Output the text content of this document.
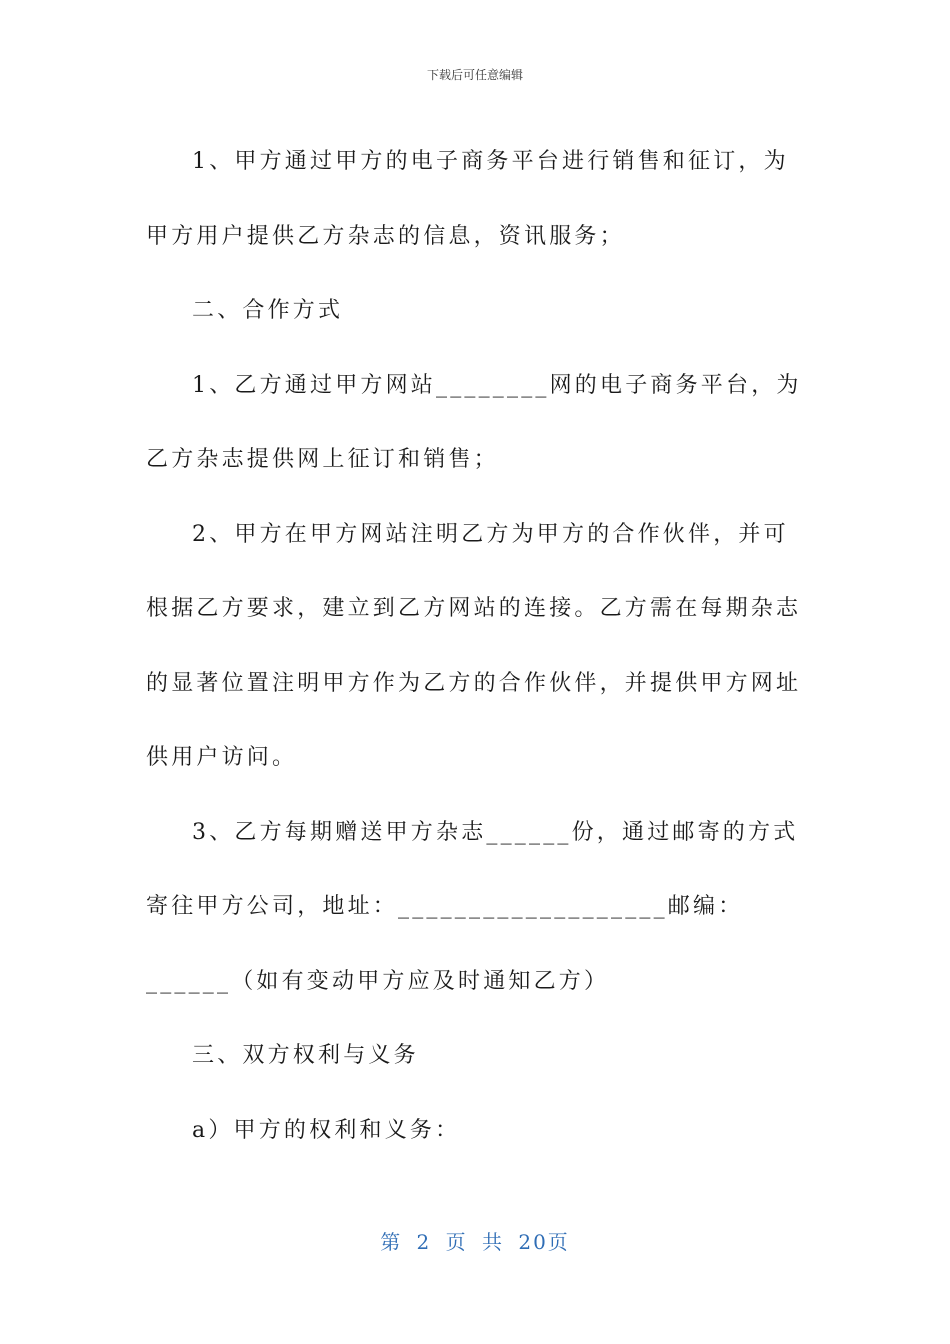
下载后可任意编辑

1、甲方通过甲方的电子商务平台进行销售和征订，为甲方用户提供乙方杂志的信息，资讯服务；

二、合作方式

1、乙方通过甲方网站________网的电子商务平台，为乙方杂志提供网上征订和销售；

2、甲方在甲方网站注明乙方为甲方的合作伙伴，并可根据乙方要求，建立到乙方网站的连接。乙方需在每期杂志的显著位置注明甲方作为乙方的合作伙伴，并提供甲方网址供用户访问。

3、乙方每期赠送甲方杂志______份，通过邮寄的方式寄往甲方公司，地址：___________________邮编：______（如有变动甲方应及时通知乙方）

三、双方权利与义务

a）甲方的权利和义务：

第 2 页 共 20页
